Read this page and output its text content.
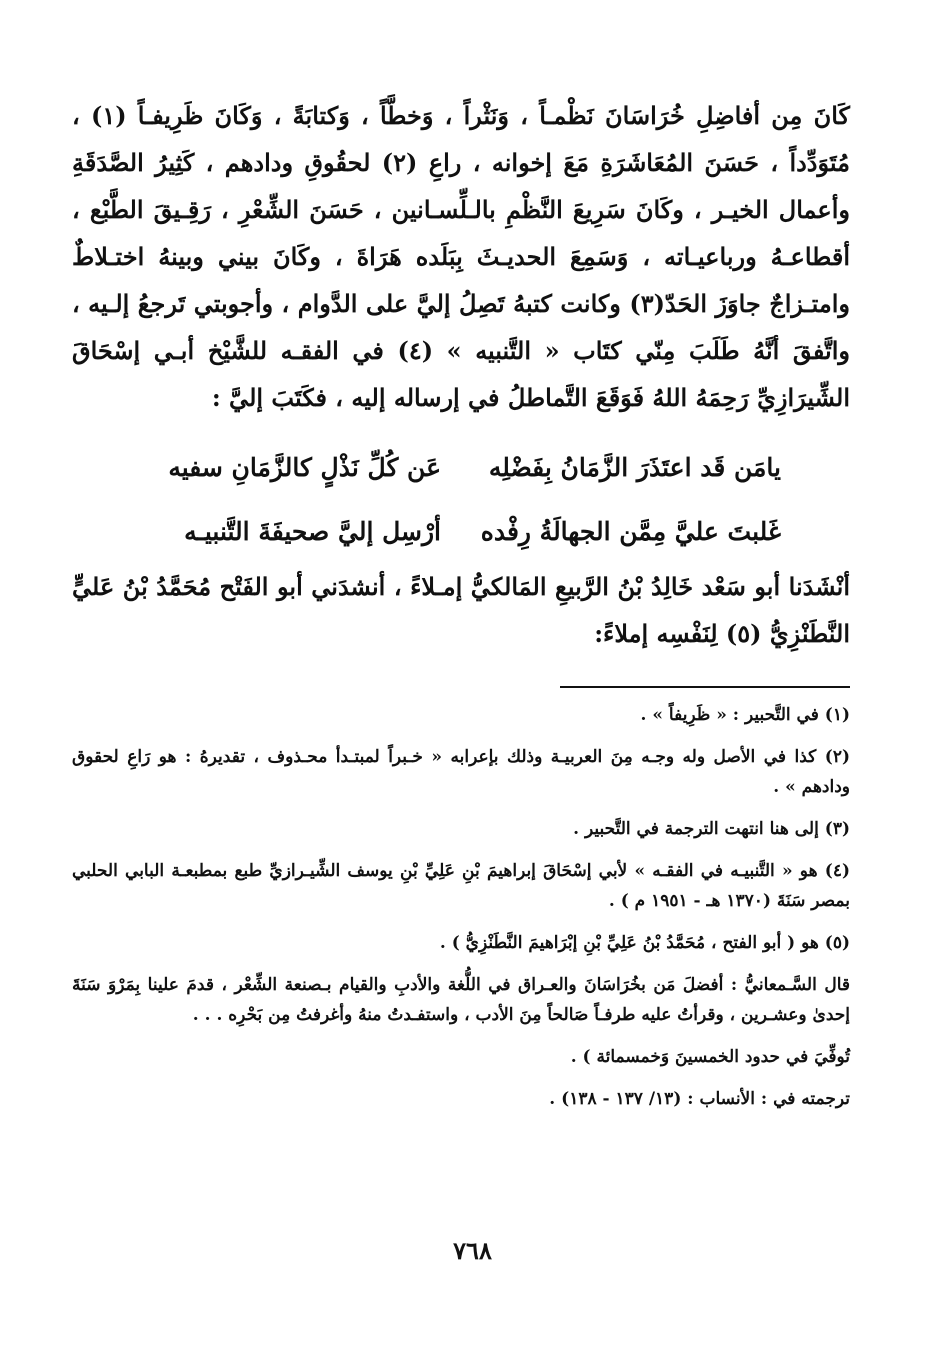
كَانَ مِن أفاضِلِ خُرَاسَانَ نَظْمـاً ، وَنَثْراً ، وَخطَّاً ، وَكتابَةً ، وَكَانَ ظَرِيفـاً (١) ، مُتَوَدِّداً ، حَسَنَ المُعَاشَرَةِ مَعَ إخوانه ، راعِ (٢) لحقُوقِ ودادهم ، كَثِيرُ الصَّدَقَةِ وأعمال الخيـر ، وكَانَ سَرِيعَ النَّظْمِ بالـلِّسـانين ، حَسَنَ الشِّعْرِ ، رَقِـيقَ الطَّبْع ، أقطاعـهُ ورباعيـاته ، وَسَمِعَ الحديـثَ بِبَلَده هَرَاةَ ، وكَانَ بيني وبينهُ اختـلاطٌ وامتـزاجٌ جاوَزَ الحَدّ(٣) وكانت كتبهُ تَصِلُ إليَّ على الدَّوام ، وأجوبتي تَرجعُ إلـيه ، واتَّفقَ أنَّهُ طَلَبَ مِنّي كتَاب « التَّنبيه » (٤) في الفقـه للشَّيْخ أبـي إسْحَاقَ الشِّيرَازِيِّ رَحِمَهُ اللهُ فَوَقَعَ التَّماطلُ في إرساله إليه ، فكَتَبَ إليَّ :

يامَن قَد اعتَذَرَ الزَّمَانُ بِفَضْلِه
عَن كُلِّ نَذْلٍ كالزَّمَانِ سفيه
غَلبتَ عليَّ مِمَّن الجهالَةُ رِفْده
أرْسِل إليَّ صحيفَةَ التَّنبيـه

أنْشَدَنا أبو سَعْد خَالِدُ بْنُ الرَّبيعِ المَالكيُّ إمـلاءً ، أنشدَني أبو الفَتْح مُحَمَّدُ بْنُ عَليٍّ النَّطَنْزِيُّ (٥) لِنَفْسِه إملاءً:

(١) في التَّحبير : « ظَرِيفاً » .

(٢) كذا في الأصل وله وجـه مِنَ العربيـة وذلك بإعرابه « خـبراً لمبتـدأ محـذوف ، تقديرهُ : هو رَاعِ لحقوق ودادهم » .

(٣) إلى هنا انتهت الترجمة في التَّحبير .

(٤) هو « التَّنبيـه في الفقـه » لأبي إسْحَاقَ إبراهيمَ بْنِ عَلِيِّ بْنِ يوسف الشِّيـرازيِّ طبع بمطبعـة البابي الحلبي بمصر سَنَةَ (١٣٧٠ هـ - ١٩٥١ م ) .

(٥) هو ( أبو الفتح ، مُحَمَّدُ بْنُ عَلِيِّ بْنِ إبْرَاهيمَ النَّطَنْزِيُّ ) .

قال السَّـمعانيُّ : أفضلَ مَن بخُرَاسَانَ والعـراق في اللُّغة والأدبِ والقيام بـصنعة الشِّعْر ، قدمَ علينا بِمَرْوَ سَنَةَ إحدىٰ وعشـرين ، وقرأتُ عليه طرفـاً صَالحاً مِنَ الأدب ، واستفـدتُ منهُ وأغرفتُ مِن بَحْرِه . . .

تُوفِّيَ في حدود الخمسينَ وَخمسمائة ) .

ترجمته في : الأنساب : (١٣/ ١٣٧ - ١٣٨) .

٧٦٨
